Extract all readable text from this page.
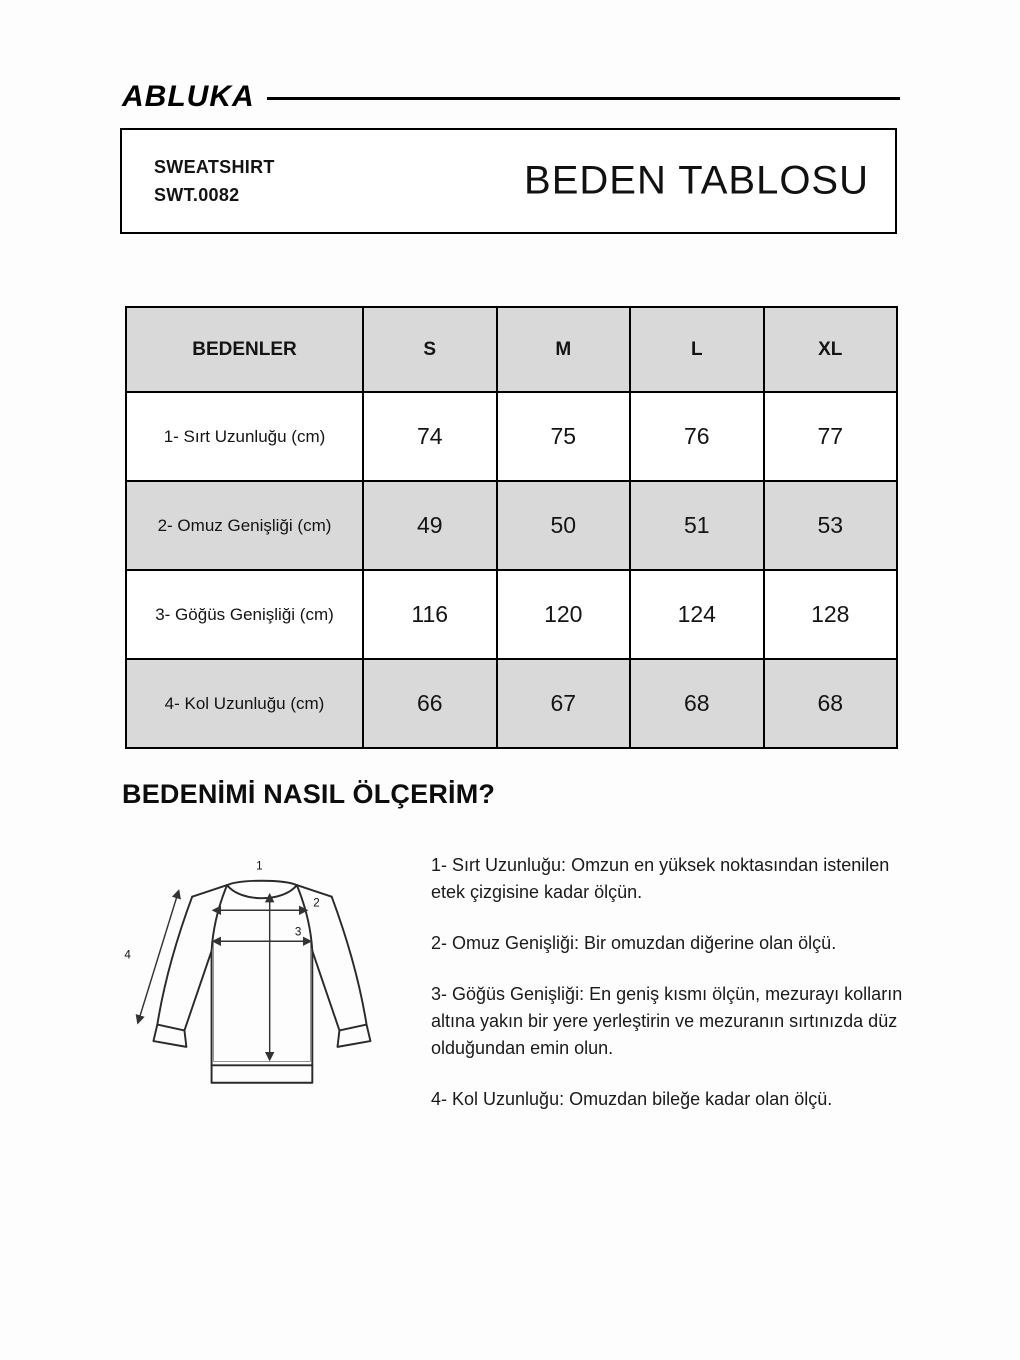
ABLUKA
SWEATSHIRT
SWT.0082	BEDEN TABLOSU
BEDENLER	S	M	L	XL
1- Sırt Uzunluğu (cm)	74	75	76	77
2- Omuz Genişliği (cm)	49	50	51	53
3- Göğüs Genişliği (cm)	116	120	124	128
4- Kol Uzunluğu (cm)	66	67	68	68
BEDENİMİ NASIL ÖLÇERİM?
1
2
3
4

1- Sırt Uzunluğu: Omzun en yüksek noktasından istenilen etek çizgisine kadar ölçün.

2- Omuz Genişliği: Bir omuzdan diğerine olan ölçü.

3- Göğüs Genişliği: En geniş kısmı ölçün, mezurayı kolların altına yakın bir yere yerleştirin ve mezuranın sırtınızda düz olduğundan emin olun.

4- Kol Uzunluğu: Omuzdan bileğe kadar olan ölçü.
